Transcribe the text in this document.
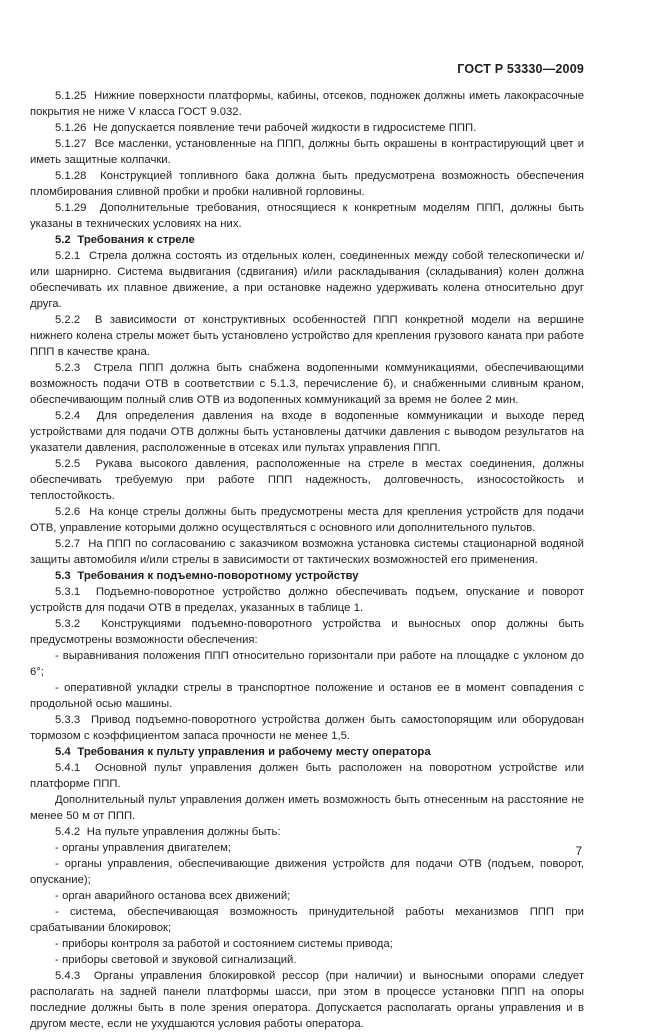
ГОСТ Р 53330—2009

5.1.25  Нижние поверхности платформы, кабины, отсеков, подножек должны иметь лакокрасочные покрытия не ниже V класса ГОСТ 9.032.

5.1.26  Не допускается появление течи рабочей жидкости в гидросистеме ППП.

5.1.27  Все масленки, установленные на ППП, должны быть окрашены в контрастирующий цвет и иметь защитные колпачки.

5.1.28  Конструкцией топливного бака должна быть предусмотрена возможность обеспечения пломбирования сливной пробки и пробки наливной горловины.

5.1.29  Дополнительные требования, относящиеся к конкретным моделям ППП, должны быть указаны в технических условиях на них.

5.2  Требования к стреле

5.2.1  Стрела должна состоять из отдельных колен, соединенных между собой телескопически и/или шарнирно. Система выдвигания (сдвигания) и/или раскладывания (складывания) колен должна обеспечивать их плавное движение, а при остановке надежно удерживать колена относительно друг друга.

5.2.2  В зависимости от конструктивных особенностей ППП конкретной модели на вершине нижнего колена стрелы может быть установлено устройство для крепления грузового каната при работе ППП в качестве крана.

5.2.3  Стрела ППП должна быть снабжена водопенными коммуникациями, обеспечивающими возможность подачи ОТВ в соответствии с 5.1.3, перечисление б), и снабженными сливным краном, обеспечивающим полный слив ОТВ из водопенных коммуникаций за время не более 2 мин.

5.2.4  Для определения давления на входе в водопенные коммуникации и выходе перед устройствами для подачи ОТВ должны быть установлены датчики давления с выводом результатов на указатели давления, расположенные в отсеках или пультах управления ППП.

5.2.5  Рукава высокого давления, расположенные на стреле в местах соединения, должны обеспечивать требуемую при работе ППП надежность, долговечность, износостойкость и теплостойкость.

5.2.6  На конце стрелы должны быть предусмотрены места для крепления устройств для подачи ОТВ, управление которыми должно осуществляться с основного или дополнительного пультов.

5.2.7  На ППП по согласованию с заказчиком возможна установка системы стационарной водяной защиты автомобиля и/или стрелы в зависимости от тактических возможностей его применения.

5.3  Требования к подъемно-поворотному устройству

5.3.1  Подъемно-поворотное устройство должно обеспечивать подъем, опускание и поворот устройств для подачи ОТВ в пределах, указанных в таблице 1.

5.3.2  Конструкциями подъемно-поворотного устройства и выносных опор должны быть предусмотрены возможности обеспечения:

- выравнивания положения ППП относительно горизонтали при работе на площадке с уклоном до 6°;

- оперативной укладки стрелы в транспортное положение и останов ее в момент совпадения с продольной осью машины.

5.3.3  Привод подъемно-поворотного устройства должен быть самостопорящим или оборудован тормозом с коэффициентом запаса прочности не менее 1,5.

5.4  Требования к пульту управления и рабочему месту оператора

5.4.1  Основной пульт управления должен быть расположен на поворотном устройстве или платформе ППП.

Дополнительный пульт управления должен иметь возможность быть отнесенным на расстояние не менее 50 м от ППП.

5.4.2  На пульте управления должны быть:

- органы управления двигателем;

- органы управления, обеспечивающие движения устройств для подачи ОТВ (подъем, поворот, опускание);

- орган аварийного останова всех движений;

- система, обеспечивающая возможность принудительной работы механизмов ППП при срабатывании блокировок;

- приборы контроля за работой и состоянием системы привода;

- приборы световой и звуковой сигнализаций.

5.4.3  Органы управления блокировкой рессор (при наличии) и выносными опорами следует располагать на задней панели платформы шасси, при этом в процессе установки ППП на опоры последние должны быть в поле зрения оператора. Допускается располагать органы управления и в другом месте, если не ухудшаются условия работы оператора.

7
